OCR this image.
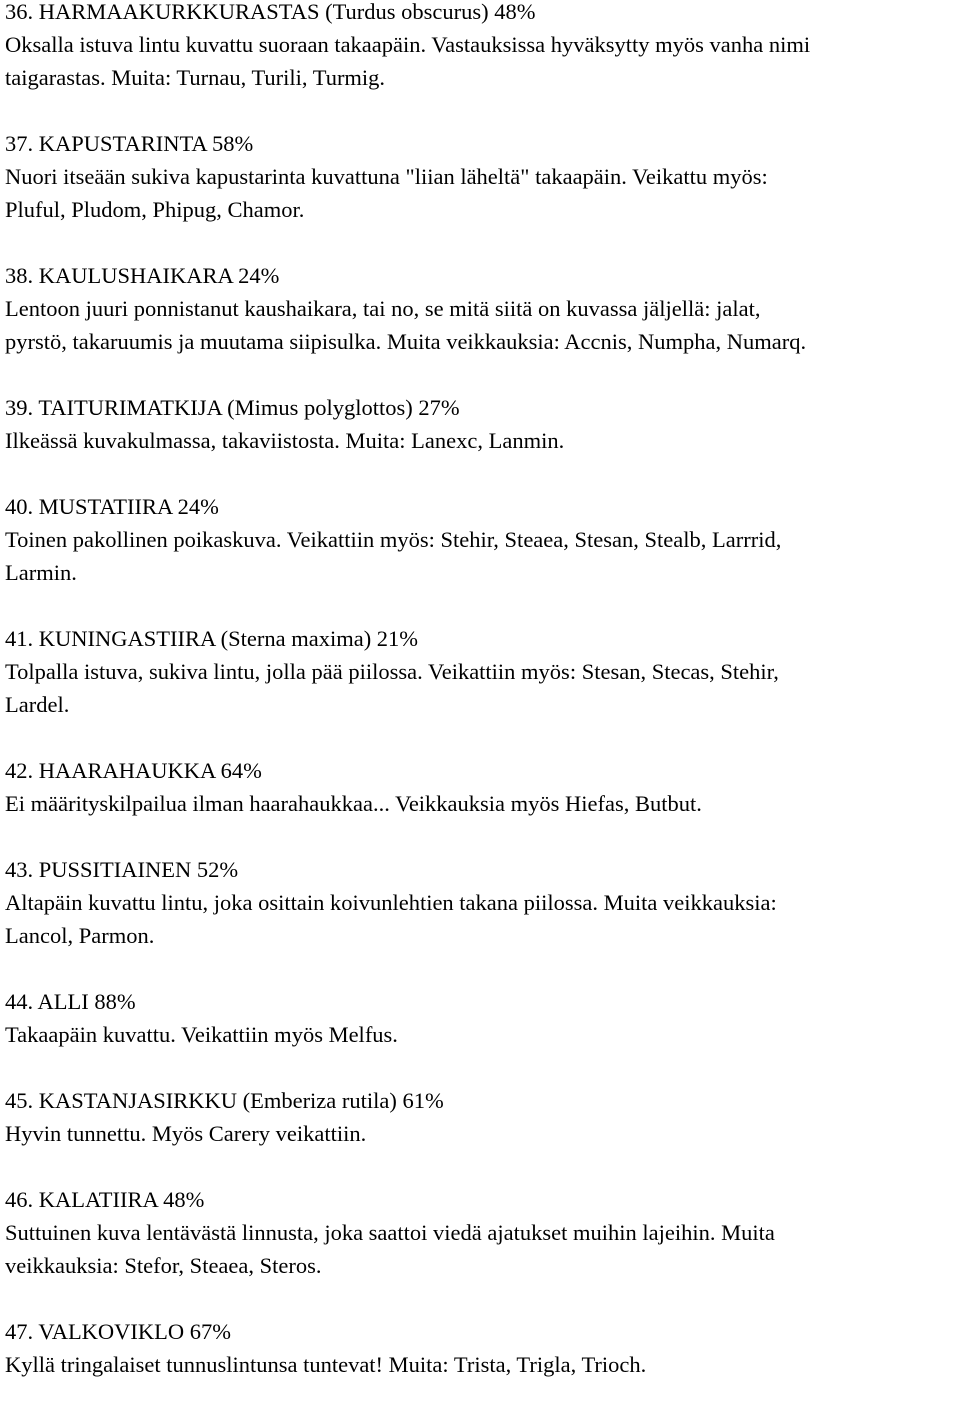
36. HARMAAKURKKURASTAS (Turdus obscurus) 48%
Oksalla istuva lintu kuvattu suoraan takaapäin. Vastauksissa hyväksytty myös vanha nimi
taigarastas. Muita: Turnau, Turili, Turmig.
37. KAPUSTARINTA 58%
Nuori itseään sukiva kapustarinta kuvattuna "liian läheltä" takaapäin. Veikattu myös:
Pluful, Pludom, Phipug, Chamor.
38. KAULUSHAIKARA 24%
Lentoon juuri ponnistanut kaushaikara, tai no, se mitä siitä on kuvassa jäljellä: jalat,
pyrstö, takaruumis ja muutama siipisulka. Muita veikkauksia: Accnis, Numpha, Numarq.
39. TAITURIMATKIJA (Mimus polyglottos) 27%
Ilkeässä kuvakulmassa, takaviistosta. Muita: Lanexc, Lanmin.
40. MUSTATIIRA 24%
Toinen pakollinen poikaskuva. Veikattiin myös: Stehir, Steaea, Stesan, Stealb, Larrrid,
Larmin.
41. KUNINGASTIIRA (Sterna maxima) 21%
Tolpalla istuva, sukiva lintu, jolla pää piilossa. Veikattiin myös: Stesan, Stecas, Stehir,
Lardel.
42. HAARAHAUKKA 64%
Ei määrityskilpailua ilman haarahaukkaa... Veikkauksia myös Hiefas, Butbut.
43. PUSSITIAINEN 52%
Altapäin kuvattu lintu, joka osittain koivunlehtien takana piilossa. Muita veikkauksia:
Lancol, Parmon.
44. ALLI 88%
Takaapäin kuvattu. Veikattiin myös Melfus.
45. KASTANJASIRKKU (Emberiza rutila) 61%
Hyvin tunnettu. Myös Carery veikattiin.
46. KALATIIRA 48%
Suttuinen kuva lentävästä linnusta, joka saattoi viedä ajatukset muihin lajeihin. Muita
veikkauksia: Stefor, Steaea, Steros.
47. VALKOVIKLO 67%
Kyllä tringalaiset tunnuslintunsa tuntevat! Muita: Trista, Trigla, Trioch.
